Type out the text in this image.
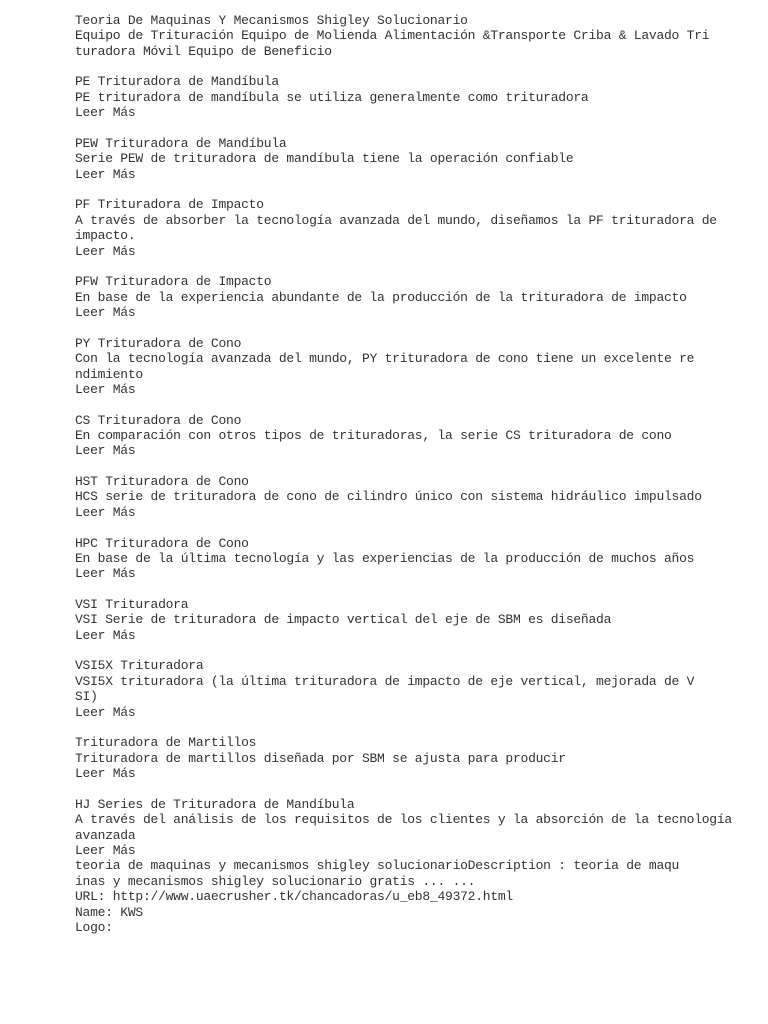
Teoria De Maquinas Y Mecanismos Shigley Solucionario
Equipo de Trituración Equipo de Molienda Alimentación &Transporte Criba & Lavado Tri
turadora Móvil Equipo de Beneficio
PE Trituradora de Mandíbula
PE trituradora de mandíbula se utiliza generalmente como trituradora
Leer Más
PEW Trituradora de Mandíbula
Serie PEW de trituradora de mandíbula tiene la operación confiable
Leer Más
PF Trituradora de Impacto
A través de absorber la tecnología avanzada del mundo, diseñamos la PF trituradora de
impacto.
Leer Más
PFW Trituradora de Impacto
En base de la experiencia abundante de la producción de la trituradora de impacto
Leer Más
PY Trituradora de Cono
Con la tecnología avanzada del mundo, PY trituradora de cono tiene un excelente re
ndimiento
Leer Más
CS Trituradora de Cono
En comparación con otros tipos de trituradoras, la serie CS trituradora de cono
Leer Más
HST Trituradora de Cono
HCS serie de trituradora de cono de cilindro único con sistema hidráulico impulsado
Leer Más
HPC Trituradora de Cono
En base de la última tecnología y las experiencias de la producción de muchos años
Leer Más
VSI Trituradora
VSI Serie de trituradora de impacto vertical del eje de SBM es diseñada
Leer Más
VSI5X Trituradora
VSI5X trituradora (la última trituradora de impacto de eje vertical, mejorada de V
SI)
Leer Más
Trituradora de Martillos
Trituradora de martillos diseñada por SBM se ajusta para producir
Leer Más
HJ Series de Trituradora de Mandíbula
A través del análisis de los requisitos de los clientes y la absorción de la tecnología
avanzada
Leer Más
teoria de maquinas y mecanismos shigley solucionarioDescription : teoria de maqu
inas y mecanismos shigley solucionario gratis ... ...
URL: http://www.uaecrusher.tk/chancadoras/u_eb8_49372.html
Name: KWS
Logo:
